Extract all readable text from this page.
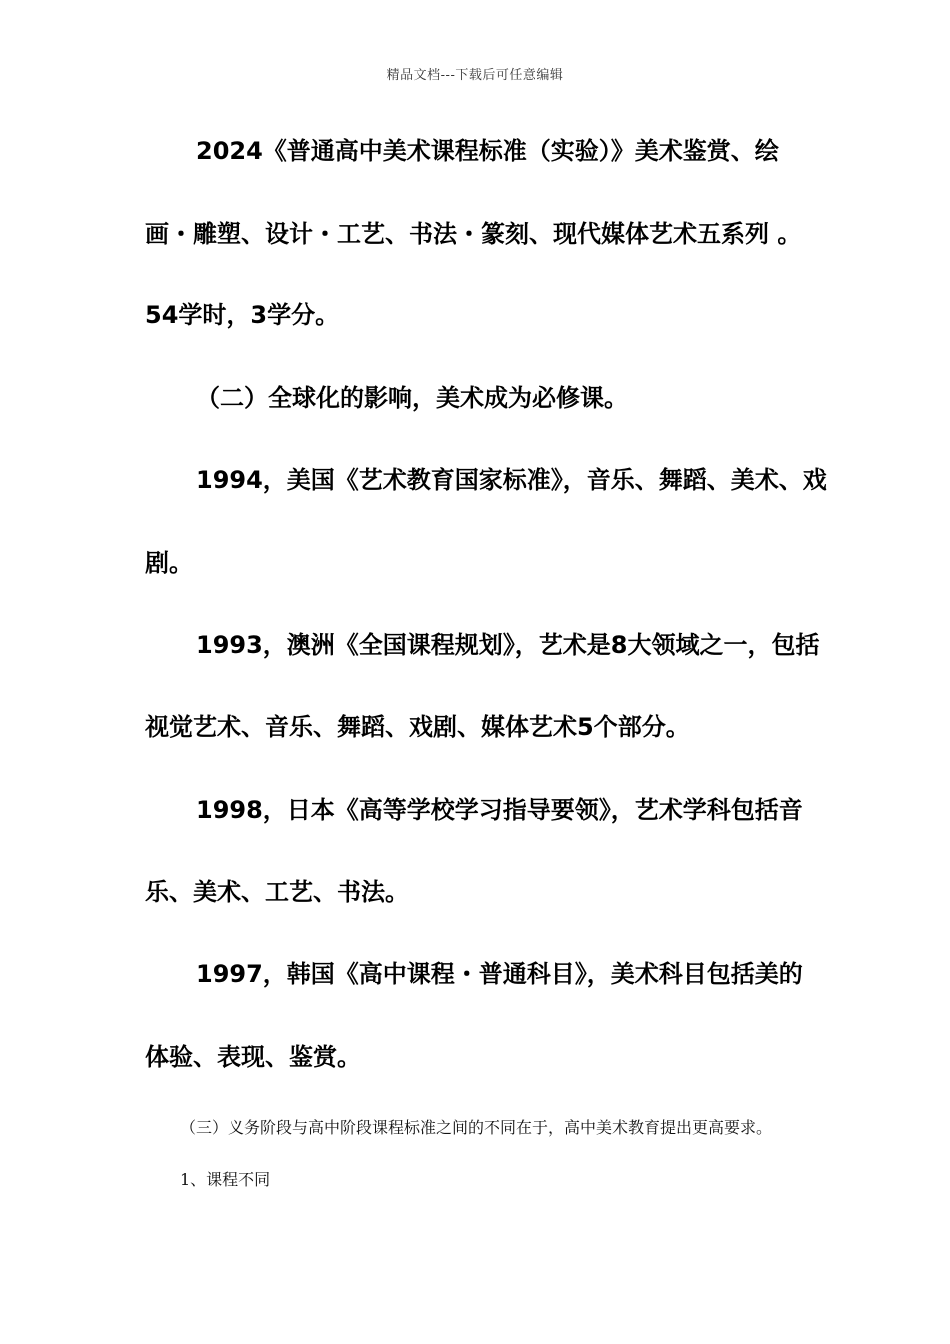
精品文档---下载后可任意编辑
2024《普通高中美术课程标准（实验）》美术鉴赏、绘
画・雕塑、设计・工艺、书法・篆刻、现代媒体艺术五系列 。
54学时，3学分。
（二）全球化的影响，美术成为必修课。
1994，美国《艺术教育国家标准》，音乐、舞蹈、美术、戏
剧。
1993，澳洲《全国课程规划》，艺术是8大领域之一，包括
视觉艺术、音乐、舞蹈、戏剧、媒体艺术5个部分。
1998，日本《高等学校学习指导要领》，艺术学科包括音
乐、美术、工艺、书法。
1997，韩国《高中课程・普通科目》，美术科目包括美的
体验、表现、鉴赏。
（三）义务阶段与高中阶段课程标准之间的不同在于，高中美术教育提出更高要求。
1、课程不同
